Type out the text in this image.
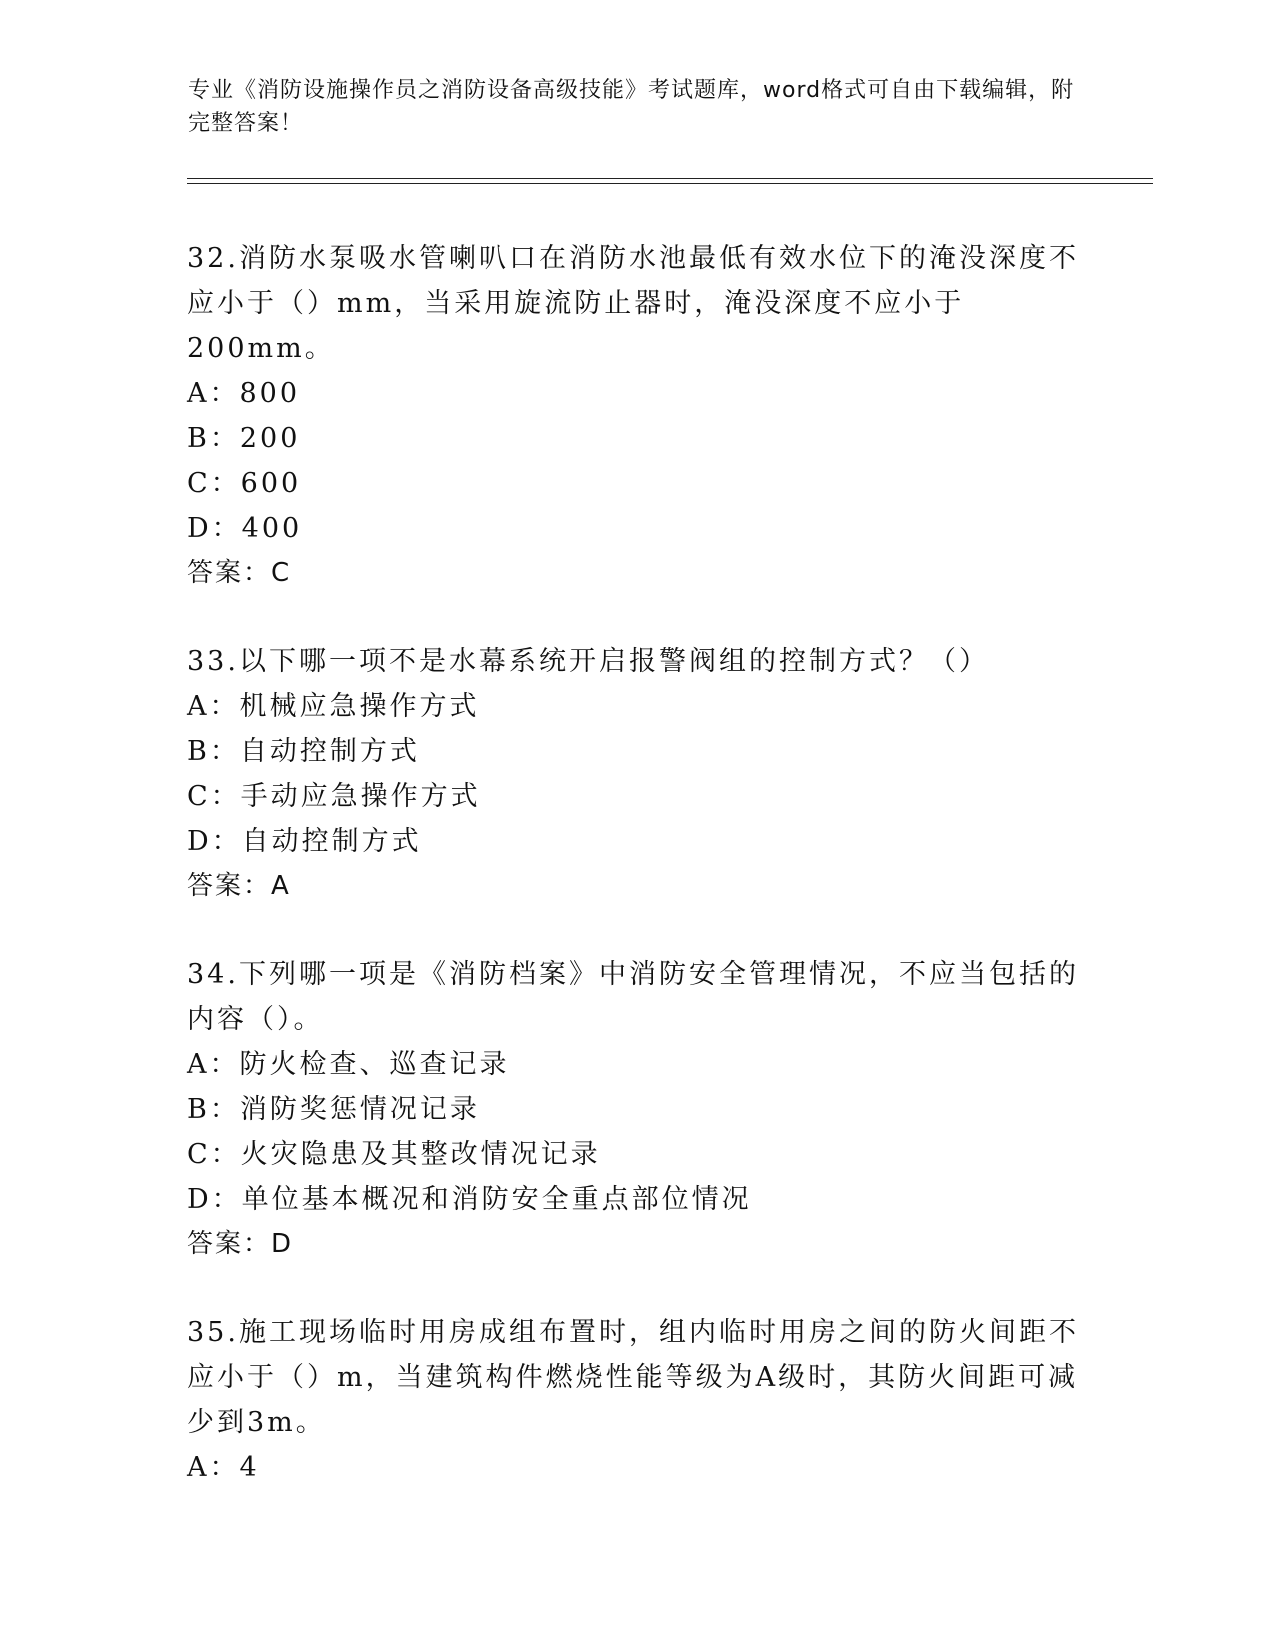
专业《消防设施操作员之消防设备高级技能》考试题库，word格式可自由下载编辑，附完整答案！

32.消防水泵吸水管喇叭口在消防水池最低有效水位下的淹没深度不应小于（）mm，当采用旋流防止器时，淹没深度不应小于200mm。

A：800
B：200
C：600
D：400
答案：C

33.以下哪一项不是水幕系统开启报警阀组的控制方式？（）

A：机械应急操作方式
B：自动控制方式
C：手动应急操作方式
D：自动控制方式
答案：A

34.下列哪一项是《消防档案》中消防安全管理情况，不应当包括的内容（）。

A：防火检查、巡查记录
B：消防奖惩情况记录
C：火灾隐患及其整改情况记录
D：单位基本概况和消防安全重点部位情况
答案：D

35.施工现场临时用房成组布置时，组内临时用房之间的防火间距不应小于（）m，当建筑构件燃烧性能等级为A级时，其防火间距可减少到3m。

A：4
